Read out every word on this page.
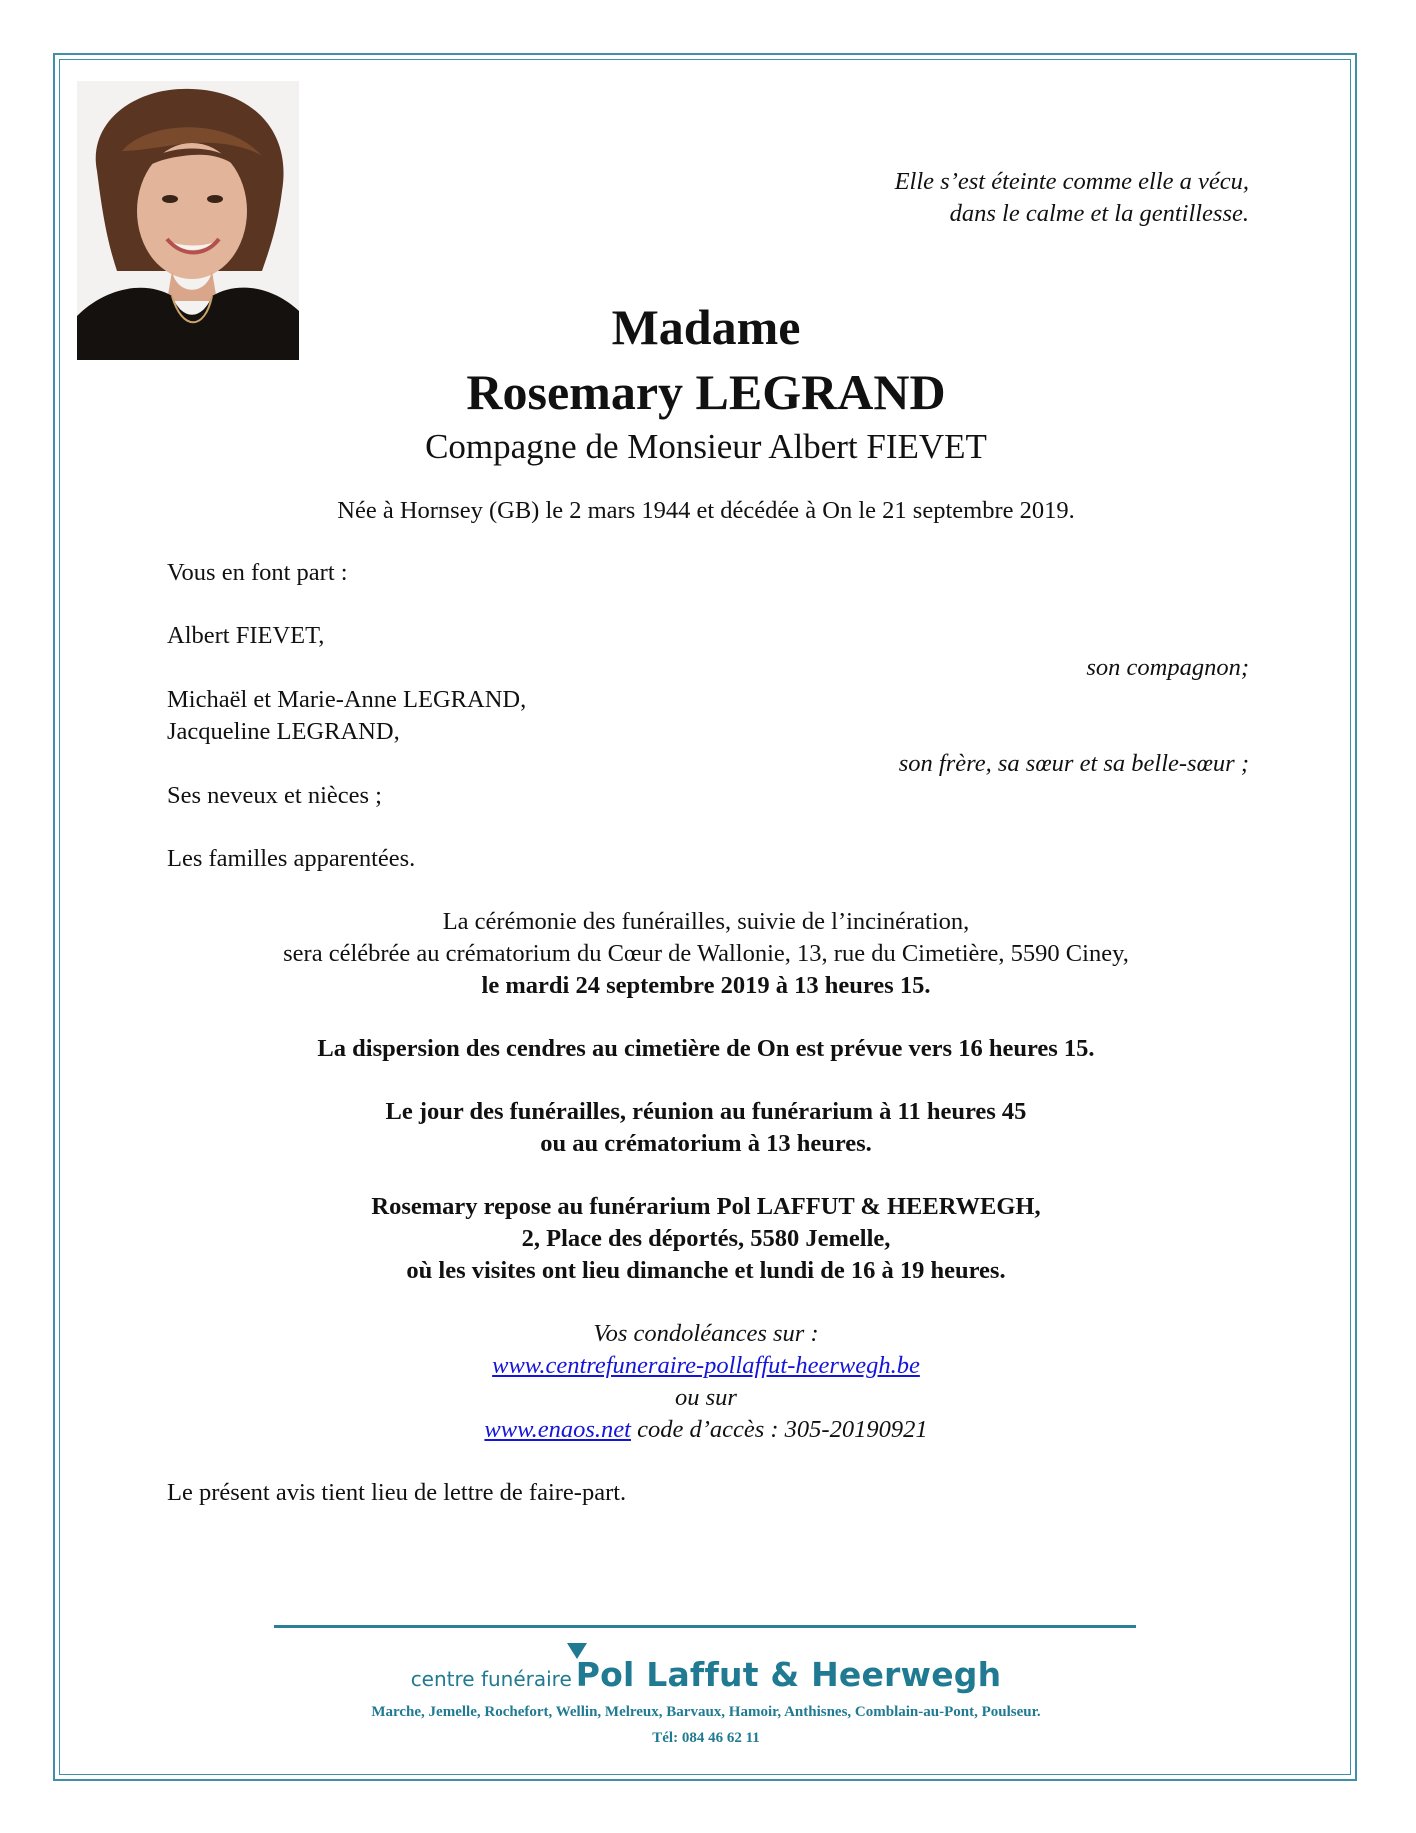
Elle s’est éteinte comme elle a vécu,
dans le calme et la gentillesse.
Madame
Rosemary LEGRAND
Compagne de Monsieur Albert FIEVET
Née à Hornsey (GB) le 2 mars 1944 et décédée à On le 21 septembre 2019.
Vous en font part :
Albert FIEVET,
son compagnon;
Michaël et Marie-Anne LEGRAND,
Jacqueline LEGRAND,
son frère, sa sœur et sa belle-sœur ;
Ses neveux et nièces ;
Les familles apparentées.
La cérémonie des funérailles, suivie de l’incinération,
sera célébrée au crématorium du Cœur de Wallonie, 13, rue du Cimetière, 5590 Ciney,
le mardi 24 septembre 2019 à 13 heures 15.
La dispersion des cendres au cimetière de On est prévue vers 16 heures 15.
Le jour des funérailles, réunion au funérarium à 11 heures 45
ou au crématorium à 13 heures.
Rosemary repose au funérarium Pol LAFFUT & HEERWEGH,
2, Place des déportés, 5580 Jemelle,
où les visites ont lieu dimanche et lundi de 16 à 19 heures.
Vos condoléances sur :
www.centrefuneraire-pollaffut-heerwegh.be
ou sur
www.enaos.net code d’accès : 305-20190921
Le présent avis tient lieu de lettre de faire-part.
centre funéraire Pol Laffut & Heerwegh
Marche, Jemelle, Rochefort, Wellin, Melreux, Barvaux, Hamoir, Anthisnes, Comblain-au-Pont, Poulseur.
Tél: 084 46 62 11
